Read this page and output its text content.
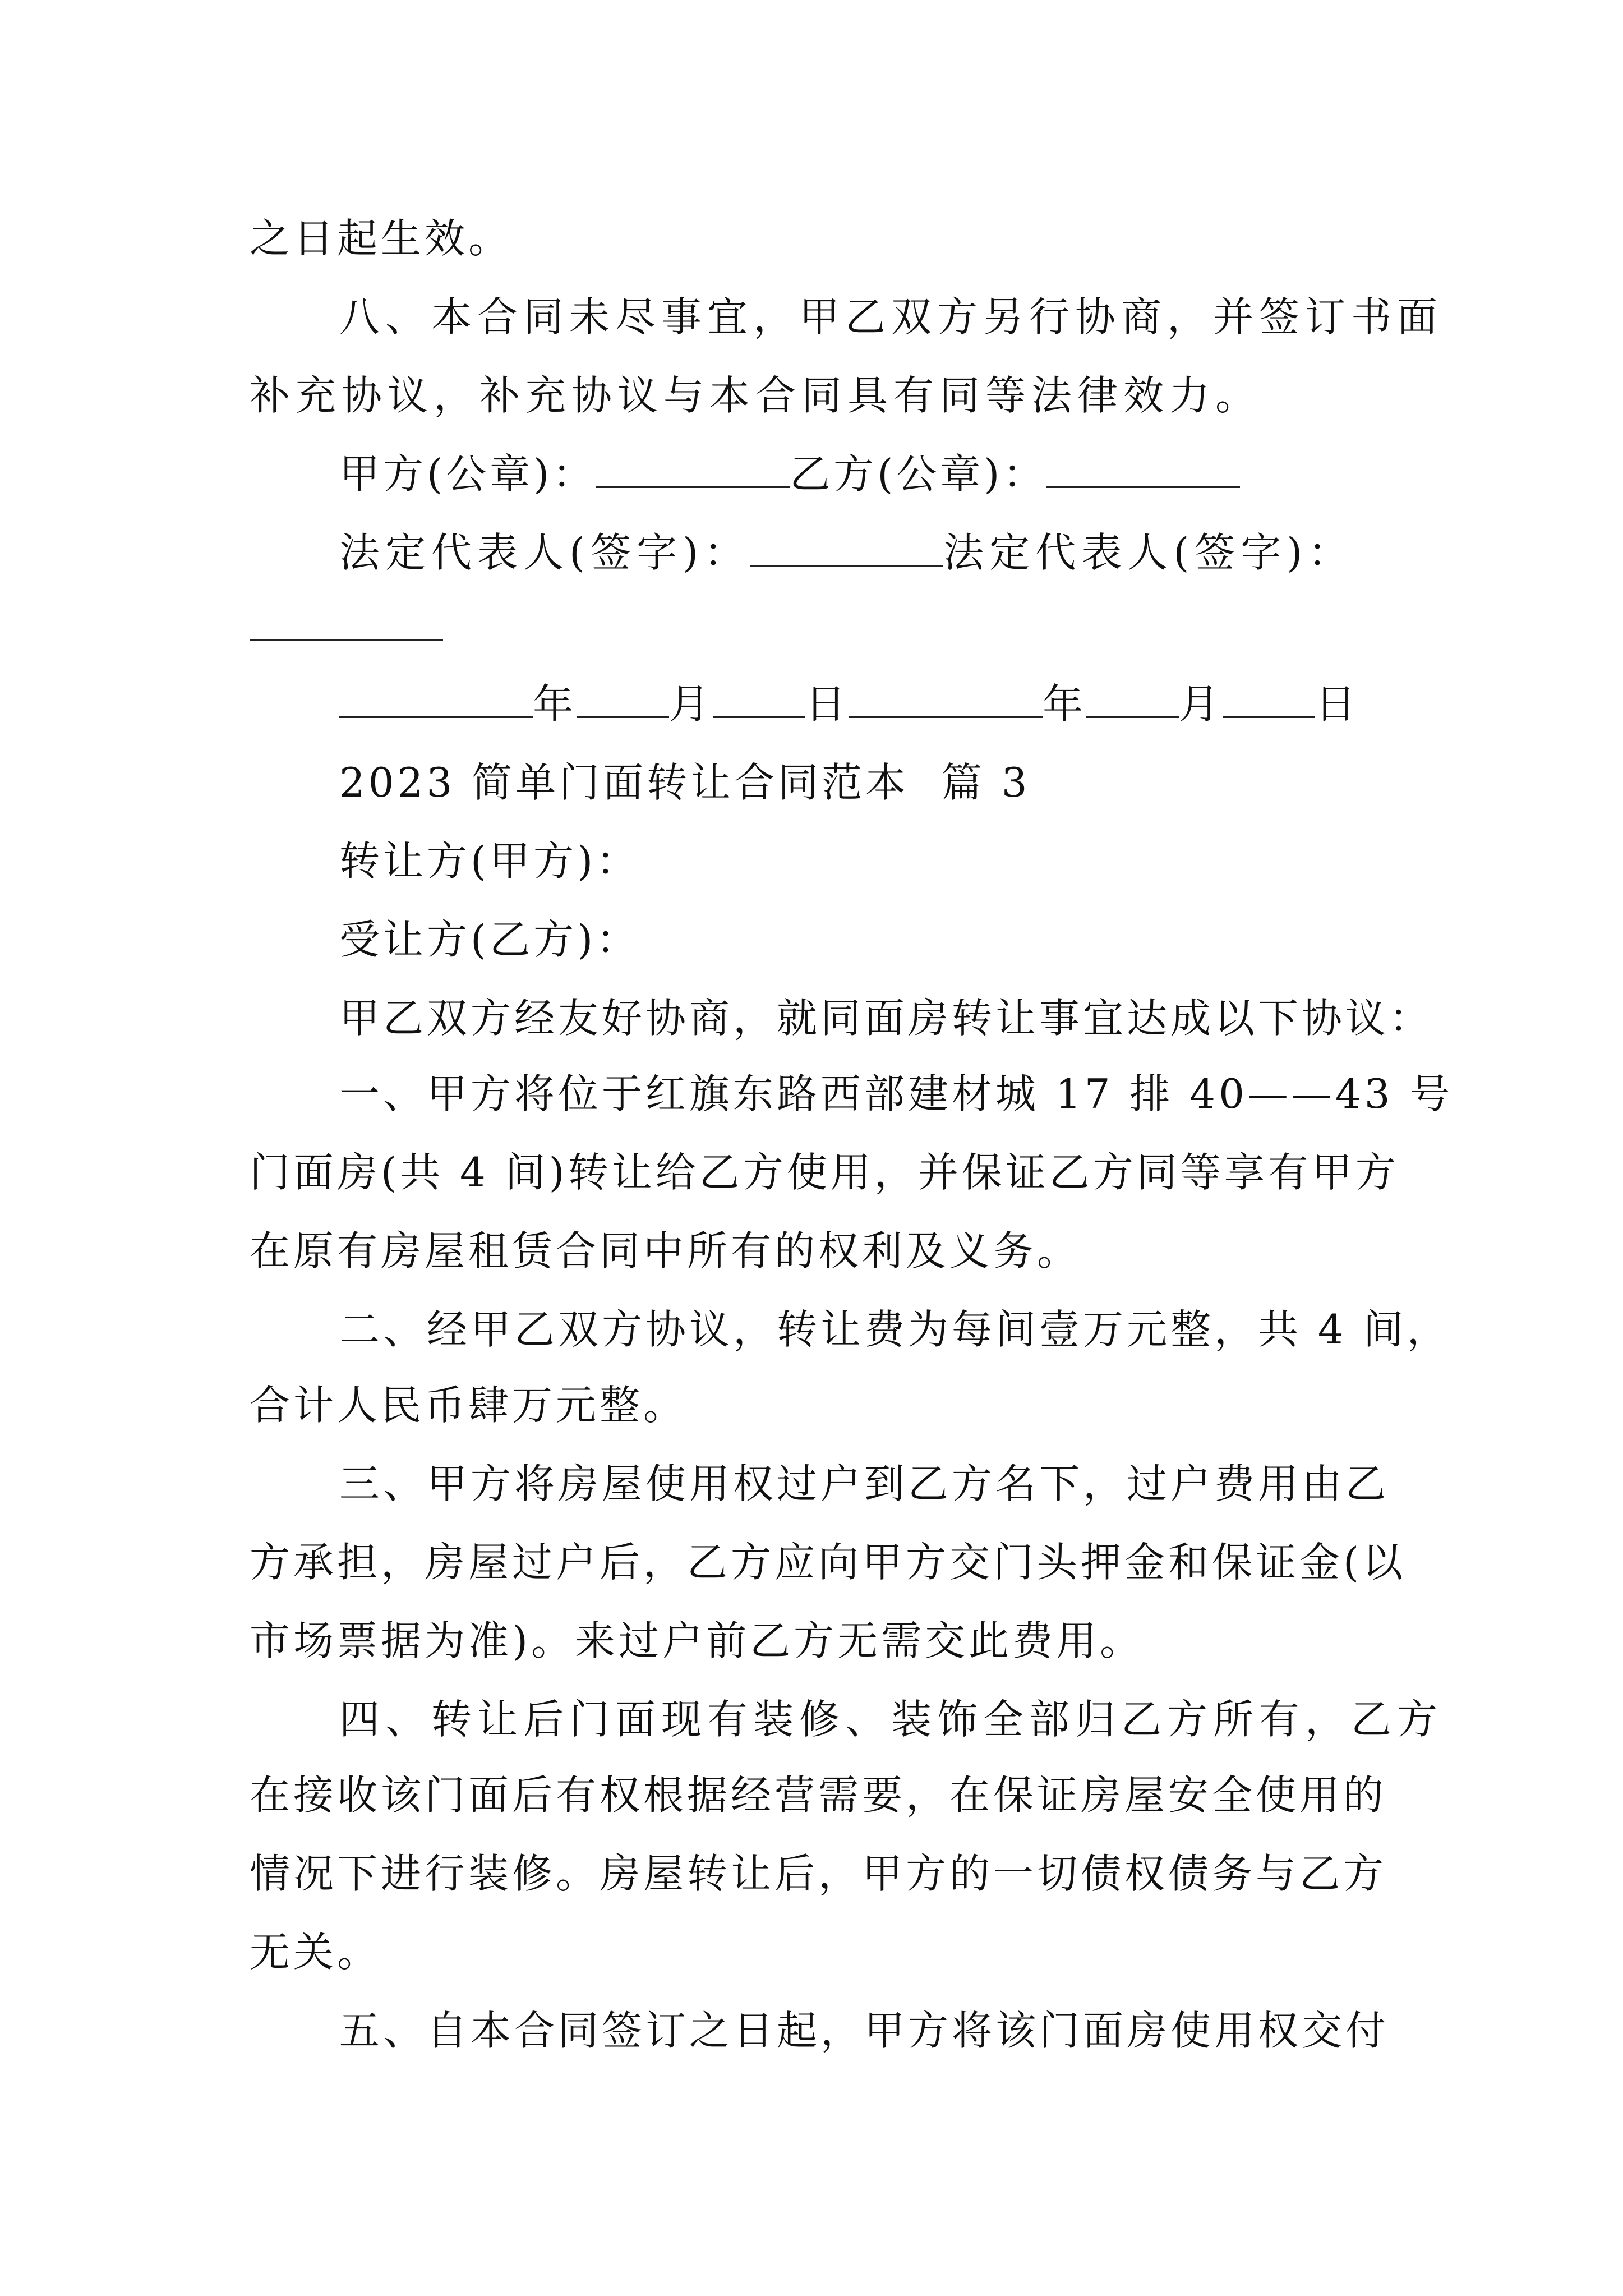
之日起生效。
八、本合同未尽事宜，甲乙双方另行协商，并签订书面
补充协议，补充协议与本合同具有同等法律效力。
甲方(公章)：	乙方(公章)：
法定代表人(签字)：	法定代表人(签字)：
年 月 日	年 月 日
2023 简单门面转让合同范本  篇 3
转让方(甲方)：
受让方(乙方)：
甲乙双方经友好协商，就同面房转让事宜达成以下协议：
一、甲方将位于红旗东路西部建材城 17 排 40——43 号
门面房(共 4 间)转让给乙方使用，并保证乙方同等享有甲方
在原有房屋租赁合同中所有的权利及义务。
二、经甲乙双方协议，转让费为每间壹万元整，共 4 间，
合计人民币肆万元整。
三、甲方将房屋使用权过户到乙方名下，过户费用由乙
方承担，房屋过户后，乙方应向甲方交门头押金和保证金(以
市场票据为准)。来过户前乙方无需交此费用。
四、转让后门面现有装修、装饰全部归乙方所有，乙方
在接收该门面后有权根据经营需要，在保证房屋安全使用的
情况下进行装修。房屋转让后，甲方的一切债权债务与乙方
无关。
五、自本合同签订之日起，甲方将该门面房使用权交付
